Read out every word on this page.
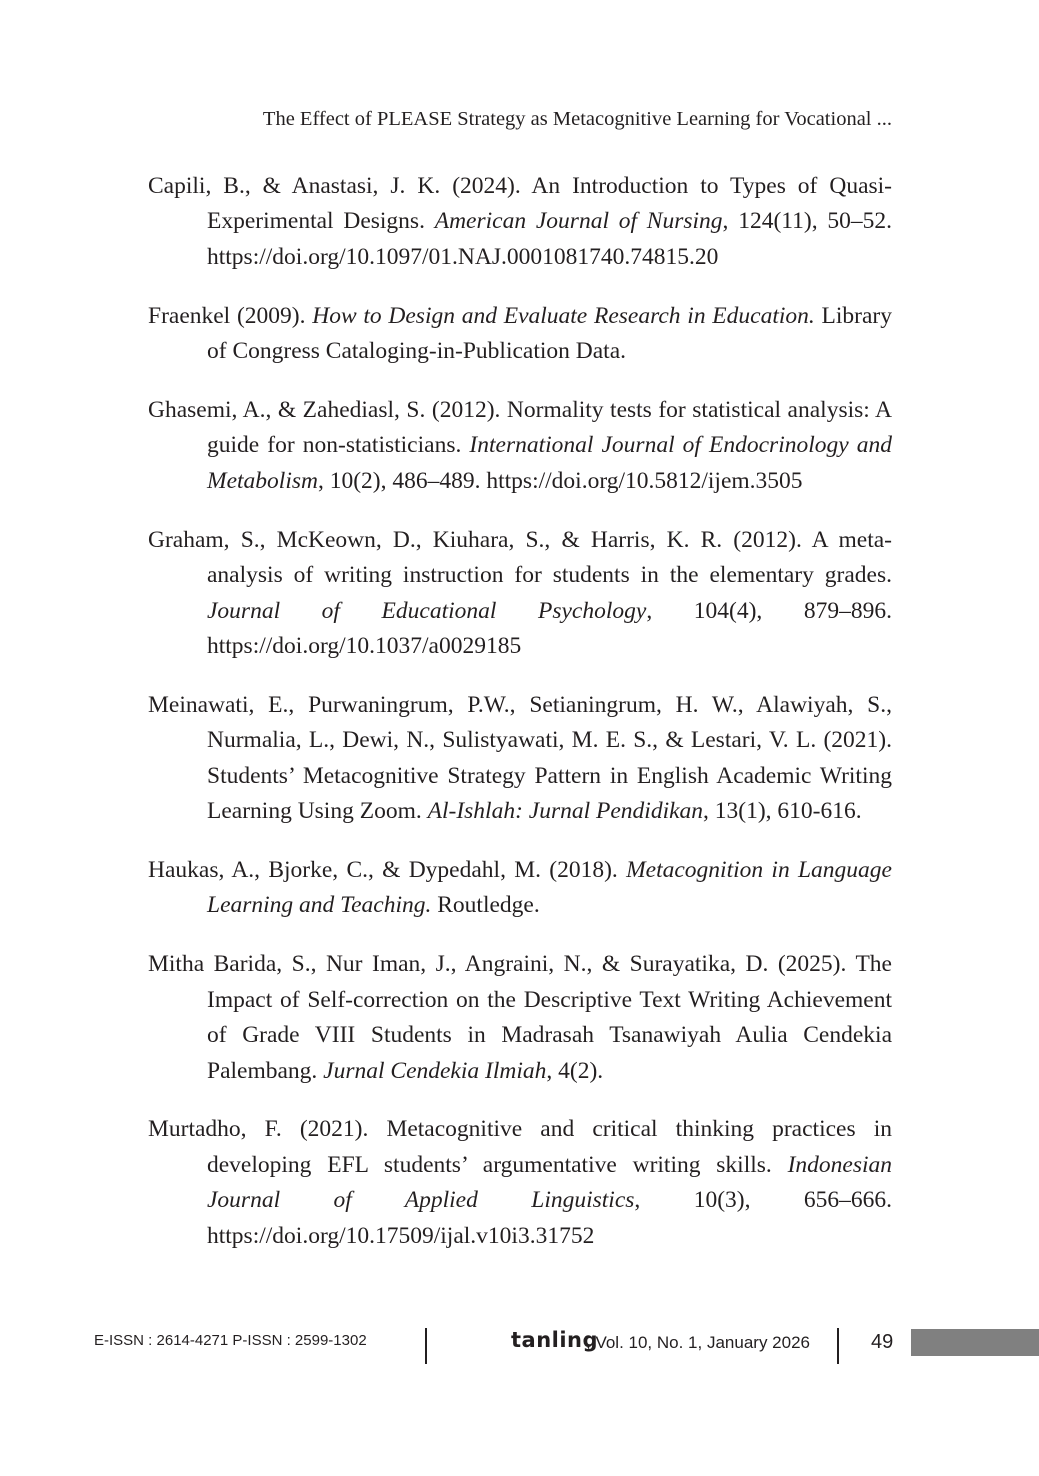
The Effect of PLEASE Strategy as Metacognitive Learning for Vocational ...

Capili, B., & Anastasi, J. K. (2024). An Introduction to Types of Quasi-Experimental Designs. American Journal of Nursing, 124(11), 50–52. https://doi.org/10.1097/01.NAJ.0001081740.74815.20

Fraenkel (2009). How to Design and Evaluate Research in Education. Library of Congress Cataloging-in-Publication Data.

Ghasemi, A., & Zahediasl, S. (2012). Normality tests for statistical analysis: A guide for non-statisticians. International Journal of Endocrinology and Metabolism, 10(2), 486–489. https://doi.org/10.5812/ijem.3505

Graham, S., McKeown, D., Kiuhara, S., & Harris, K. R. (2012). A meta-analysis of writing instruction for students in the elementary grades. Journal of Educational Psychology, 104(4), 879–896. https://doi.org/10.1037/a0029185

Meinawati, E., Purwaningrum, P.W., Setianingrum, H. W., Alawiyah, S., Nurmalia, L., Dewi, N., Sulistyawati, M. E. S., & Lestari, V. L. (2021). Students’ Metacognitive Strategy Pattern in English Academic Writing Learning Using Zoom. Al-Ishlah: Jurnal Pendidikan, 13(1), 610-616.

Haukas, A., Bjorke, C., & Dypedahl, M. (2018). Metacognition in Language Learning and Teaching. Routledge.

Mitha Barida, S., Nur Iman, J., Angraini, N., & Surayatika, D. (2025). The Impact of Self-correction on the Descriptive Text Writing Achievement of Grade VIII Students in Madrasah Tsanawiyah Aulia Cendekia Palembang. Jurnal Cendekia Ilmiah, 4(2).

Murtadho, F. (2021). Metacognitive and critical thinking practices in developing EFL students’ argumentative writing skills. Indonesian Journal of Applied Linguistics, 10(3), 656–666. https://doi.org/10.17509/ijal.v10i3.31752

E-ISSN : 2614-4271 P-ISSN : 2599-1302	tanling
, Vol. 10, No. 1, January 2026	49
